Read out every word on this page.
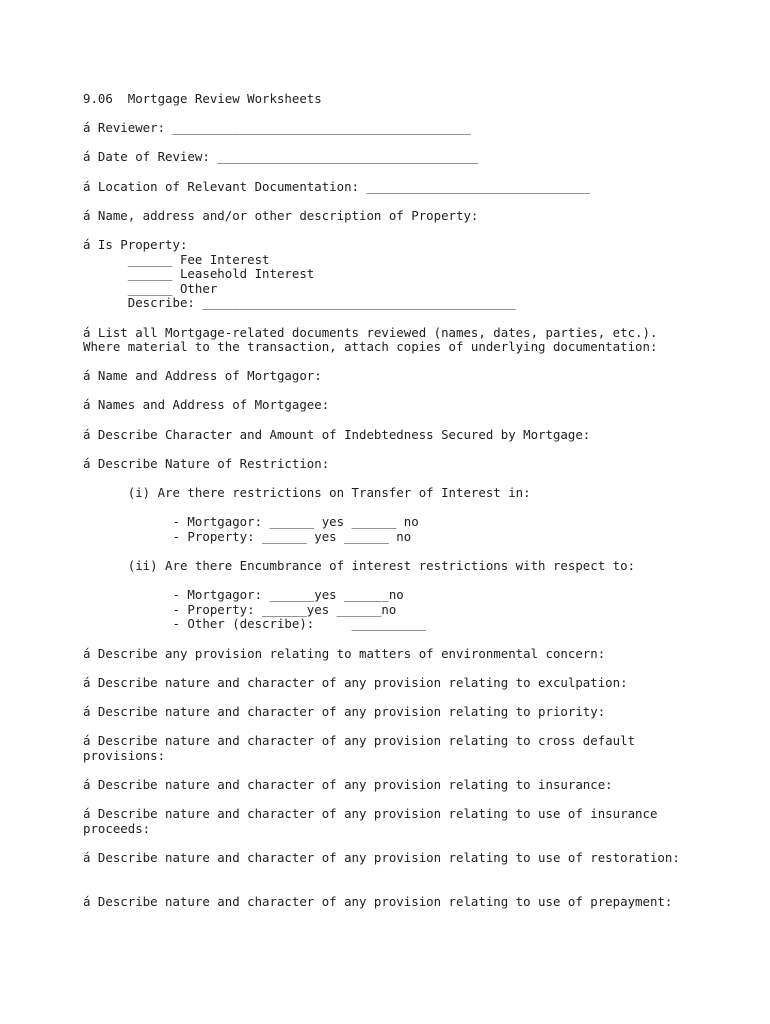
9.06  Mortgage Review Worksheets
á Reviewer: ________________________________________
á Date of Review: ___________________________________
á Location of Relevant Documentation: ______________________________
á Name, address and/or other description of Property:
á Is Property:
______ Fee Interest
______ Leasehold Interest
______ Other
Describe: __________________________________________
á List all Mortgage-related documents reviewed (names, dates, parties, etc.).
Where material to the transaction, attach copies of underlying documentation:
á Name and Address of Mortgagor:
á Names and Address of Mortgagee:
á Describe Character and Amount of Indebtedness Secured by Mortgage:
á Describe Nature of Restriction:
(i) Are there restrictions on Transfer of Interest in:
- Mortgagor: ______ yes ______ no
- Property: ______ yes ______ no
(ii) Are there Encumbrance of interest restrictions with respect to:
- Mortgagor: ______yes ______no
- Property: ______yes ______no
- Other (describe):     __________
á Describe any provision relating to matters of environmental concern:
á Describe nature and character of any provision relating to exculpation:
á Describe nature and character of any provision relating to priority:
á Describe nature and character of any provision relating to cross default
provisions:
á Describe nature and character of any provision relating to insurance:
á Describe nature and character of any provision relating to use of insurance
proceeds:
á Describe nature and character of any provision relating to use of restoration:
á Describe nature and character of any provision relating to use of prepayment:
